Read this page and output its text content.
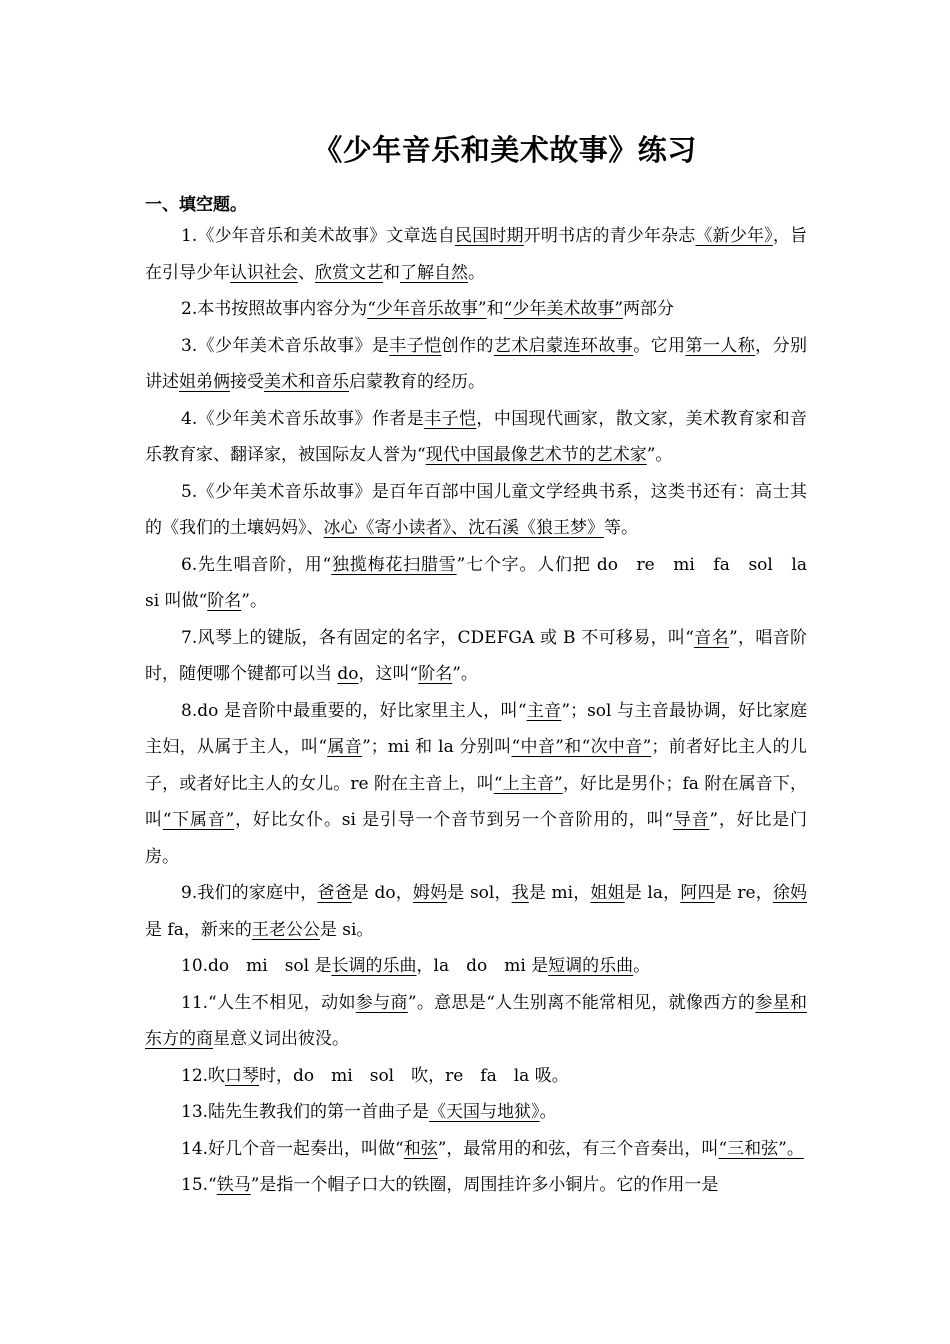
《少年音乐和美术故事》练习
一、填空题。

1.《少年音乐和美术故事》文章选自民国时期开明书店的青少年杂志《新少年》，旨在引导少年认识社会、欣赏文艺和了解自然。

2.本书按照故事内容分为“少年音乐故事”和“少年美术故事”两部分

3.《少年美术音乐故事》是丰子恺创作的艺术启蒙连环故事。它用第一人称，分别讲述姐弟俩接受美术和音乐启蒙教育的经历。

4.《少年美术音乐故事》作者是丰子恺，中国现代画家，散文家，美术教育家和音乐教育家、翻译家，被国际友人誉为“现代中国最像艺术节的艺术家”。

5.《少年美术音乐故事》是百年百部中国儿童文学经典书系，这类书还有：高士其的《我们的土壤妈妈》、冰心《寄小读者》、沈石溪《狼王梦》等。

6.先生唱音阶，用“独揽梅花扫腊雪”七个字。人们把 do　re　mi　fa　sol　la　si 叫做“阶名”。

7.风琴上的键版，各有固定的名字，CDEFGA 或 B 不可移易，叫“音名”，唱音阶时，随便哪个键都可以当 do，这叫“阶名”。

8.do 是音阶中最重要的，好比家里主人，叫“主音”；sol 与主音最协调，好比家庭主妇，从属于主人，叫“属音”；mi 和 la 分别叫“中音”和“次中音”；前者好比主人的儿子，或者好比主人的女儿。re 附在主音上，叫“上主音”，好比是男仆；fa 附在属音下，叫“下属音”，好比女仆。si 是引导一个音节到另一个音阶用的，叫“导音”，好比是门房。

9.我们的家庭中，爸爸是 do，姆妈是 sol，我是 mi，姐姐是 la，阿四是 re，徐妈是 fa，新来的王老公公是 si。

10.do　mi　sol 是长调的乐曲，la　do　mi 是短调的乐曲。

11.“人生不相见，动如参与商”。意思是“人生别离不能常相见，就像西方的参星和东方的商星意义词出彼没。

12.吹口琴时，do　mi　sol　吹，re　fa　la 吸。

13.陆先生教我们的第一首曲子是《天国与地狱》。

14.好几个音一起奏出，叫做“和弦”，最常用的和弦，有三个音奏出，叫“三和弦”。

15.“铁马”是指一个帽子口大的铁圈，周围挂许多小铜片。它的作用一是
